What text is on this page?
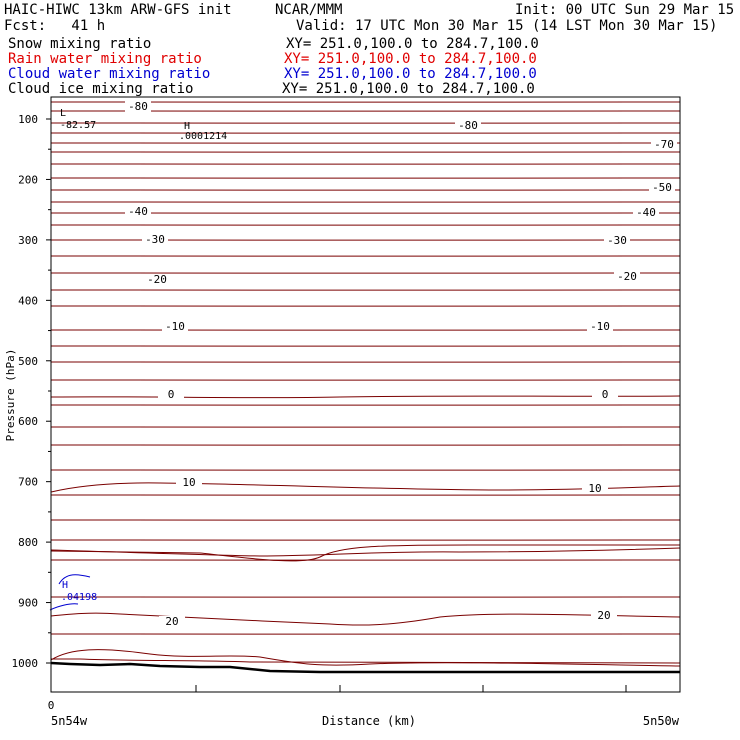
HAIC-HIWC 13km ARW-GFS init	NCAR/MMM	Init: 00 UTC Sun 29 Mar 15
Fcst:   41 h	Valid: 17 UTC Mon 30 Mar 15 (14 LST Mon 30 Mar 15)
Snow mixing ratio	XY= 251.0,100.0 to 284.7,100.0
Rain water mixing ratio	XY= 251.0,100.0 to 284.7,100.0
Cloud water mixing ratio	XY= 251.0,100.0 to 284.7,100.0
Cloud ice mixing ratio	XY= 251.0,100.0 to 284.7,100.0
-80
-80
-70
-50
-40	-40
-30	-30
-20	-20
-10	-10
0	0
10	10
20	20
100
200
300
400
500
600
700
800
900
1000
Pressure (hPa)
Distance (km)
0
5n54w	5n50w
L
-82.57	H
.0001214
H
.04198
